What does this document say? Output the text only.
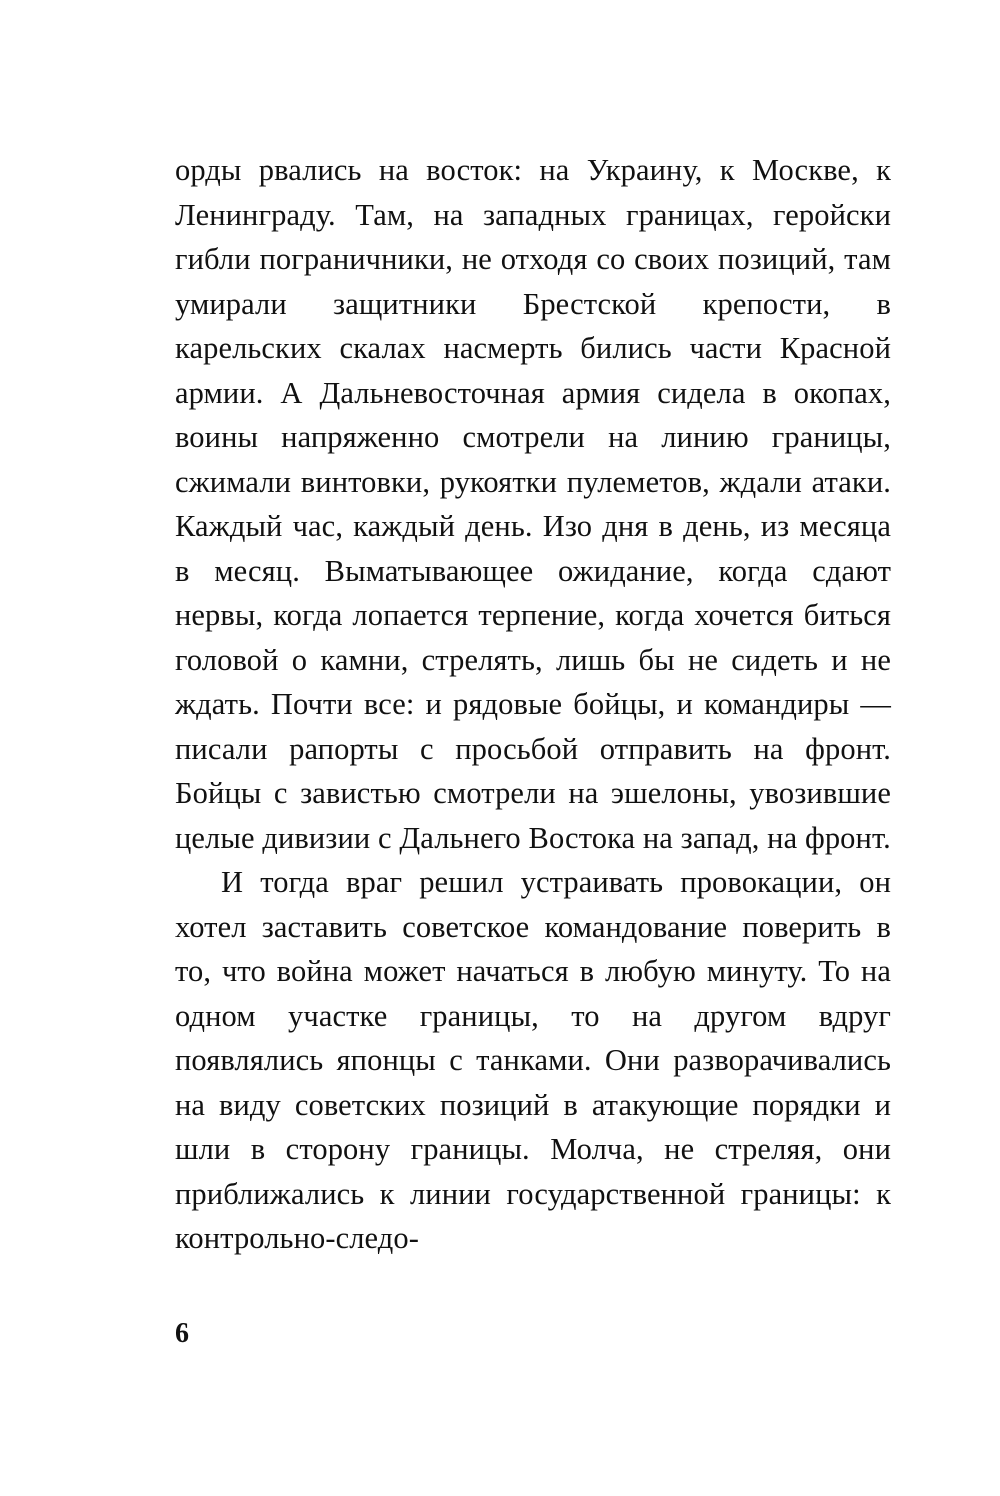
орды рвались на восток: на Украину, к Москве, к Ленинграду. Там, на западных границах, геройски гибли пограничники, не отходя со своих позиций, там умирали защитники Брестской крепости, в карельских скалах насмерть бились части Красной армии. А Дальневосточная армия сидела в окопах, воины напряженно смотрели на линию границы, сжимали винтовки, рукоятки пулеметов, ждали атаки. Каждый час, каждый день. Изо дня в день, из месяца в месяц. Выматывающее ожидание, когда сдают нервы, когда лопается терпение, когда хочется биться головой о камни, стрелять, лишь бы не сидеть и не ждать. Почти все: и рядовые бойцы, и командиры — писали рапорты с просьбой отправить на фронт. Бойцы с завистью смотрели на эшелоны, увозившие целые дивизии с Дальнего Востока на запад, на фронт.

И тогда враг решил устраивать провокации, он хотел заставить советское командование поверить в то, что война может начаться в любую минуту. То на одном участке границы, то на другом вдруг появлялись японцы с танками. Они разворачивались на виду советских позиций в атакующие порядки и шли в сторону границы. Молча, не стреляя, они приближались к линии государственной границы: к контрольно-следо-

6
